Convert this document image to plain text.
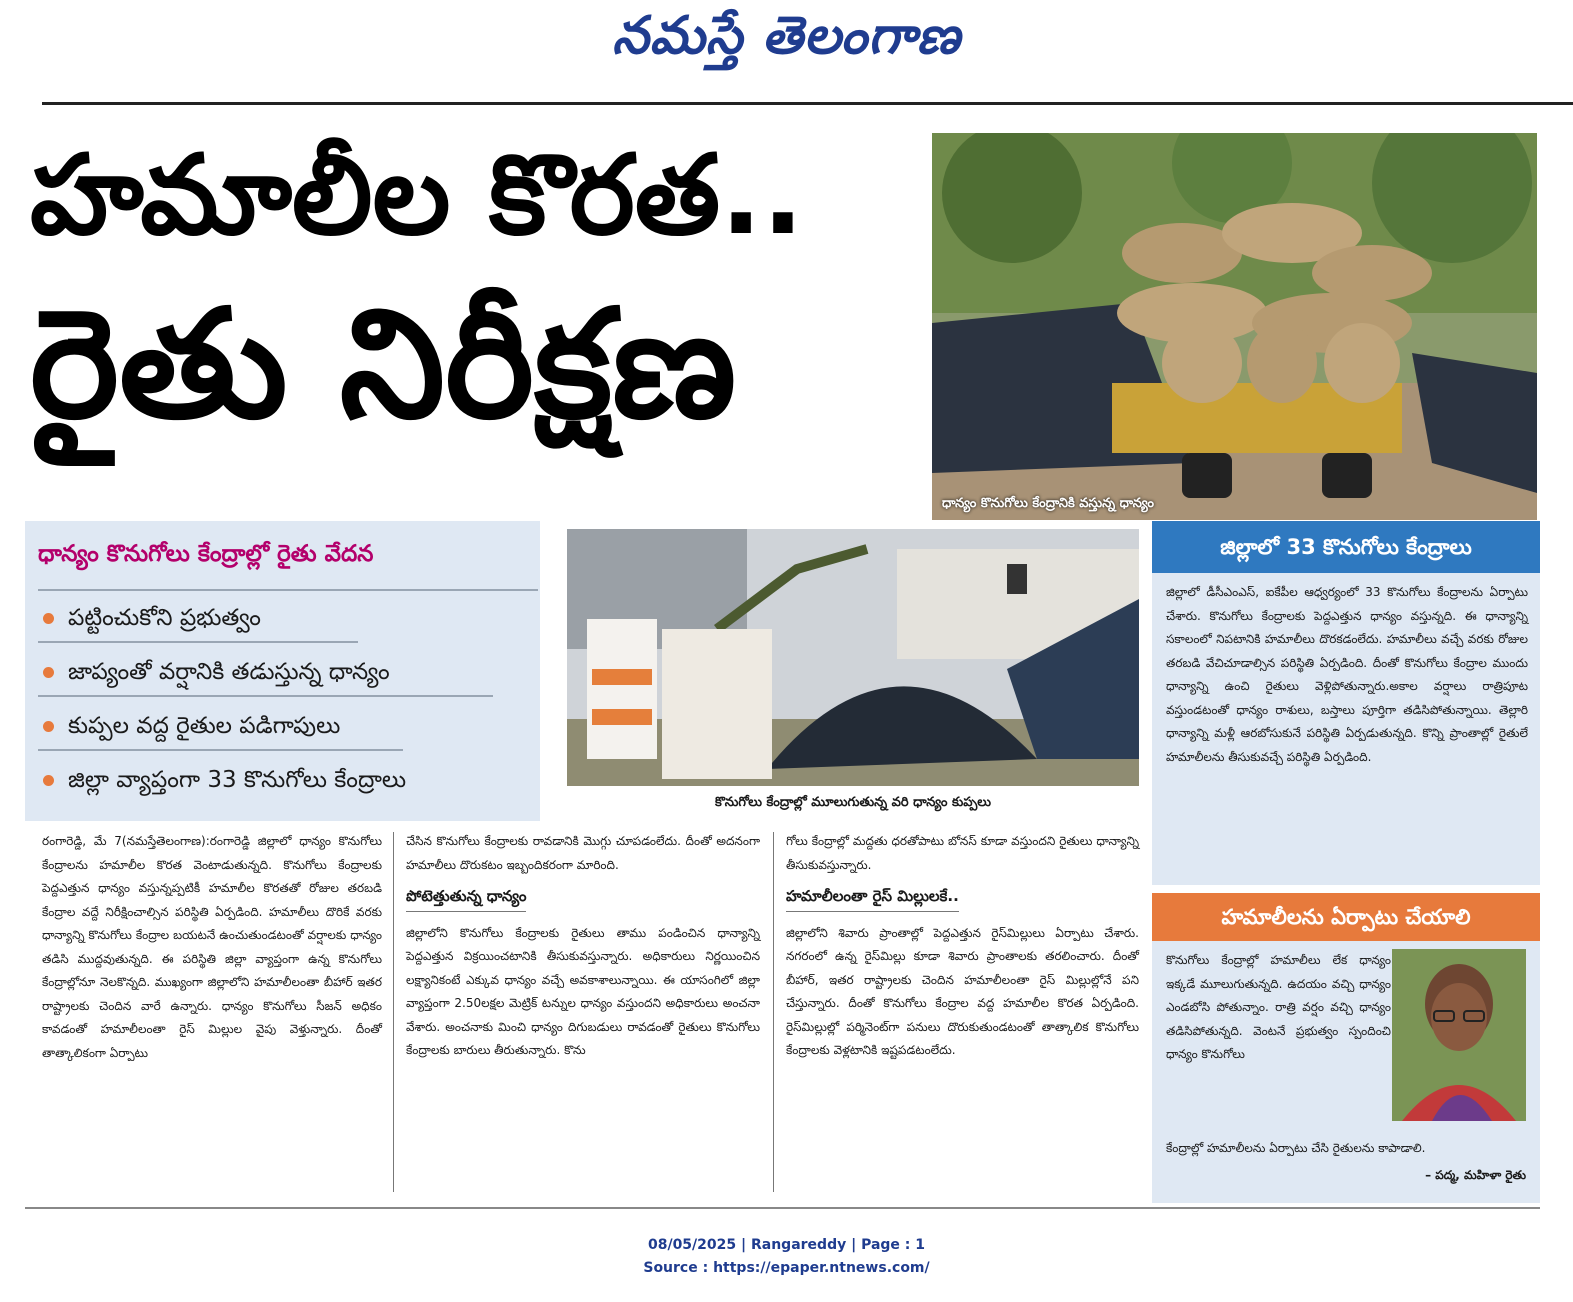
నమస్తే తెలంగాణ
హమాలీల కొరత..
రైతు నిరీక్షణ
ధాన్యం కొనుగోలు కేంద్రానికి వస్తున్న ధాన్యం
ధాన్యం కొనుగోలు కేంద్రాల్లో రైతు వేదన
పట్టించుకోని ప్రభుత్వం
జాప్యంతో వర్షానికి తడుస్తున్న ధాన్యం
కుప్పల వద్ద రైతుల పడిగాపులు
జిల్లా వ్యాప్తంగా 33 కొనుగోలు కేంద్రాలు
కొనుగోలు కేంద్రాల్లో మూలుగుతున్న వరి ధాన్యం కుప్పలు
జిల్లాలో 33 కొనుగోలు కేంద్రాలు
జిల్లాలో డీసీఎంఎస్‌, ఐకేపీల ఆధ్వర్యంలో 33 కొనుగోలు కేంద్రాలను ఏర్పాటు చేశారు. కొనుగోలు కేంద్రాలకు పెద్దఎత్తున ధాన్యం వస్తున్నది. ఈ ధాన్యాన్ని సకాలంలో నిపటానికి హమాలీలు దొరకడంలేదు. హమాలీలు వచ్చే వరకు రోజుల తరబడి వేచిచూడాల్సిన పరిస్థితి ఏర్పడింది. దీంతో కొనుగోలు కేంద్రాల ముందు ధాన్యాన్ని ఉంచి రైతులు వెళ్లిపోతున్నారు.అకాల వర్షాలు రాత్రిపూట వస్తుండటంతో ధాన్యం రాశులు, బస్తాలు పూర్తిగా తడిసిపోతున్నాయి. తెల్లారి ధాన్యాన్ని మళ్లీ ఆరబోసుకునే పరిస్థితి ఏర్పడుతున్నది. కొన్ని ప్రాంతాల్లో రైతులే హమాలీలను తీసుకువచ్చే పరిస్థితి ఏర్పడింది.
హమాలీలను ఏర్పాటు చేయాలి
కొనుగోలు కేంద్రాల్లో హమాలీలు లేక ధాన్యం ఇక్కడే మూలుగుతున్నది. ఉదయం వచ్చి ధాన్యం ఎండబోసి పోతున్నాం. రాత్రి వర్షం వచ్చి ధాన్యం తడిసిపోతున్నది. వెంటనే ప్రభుత్వం స్పందించి ధాన్యం కొనుగోలు
కేంద్రాల్లో హమాలీలను ఏర్పాటు చేసి రైతులను కాపాడాలి.
– పద్మ, మహిళా రైతు
రంగారెడ్డి, మే 7(నమస్తేతెలంగాణ):రంగారెడ్డి జిల్లాలో ధాన్యం కొనుగోలు కేంద్రాలను హమాలీల కొరత వెంటాడుతున్నది. కొనుగోలు కేంద్రాలకు పెద్దఎత్తున ధాన్యం వస్తున్నప్పటికీ హమాలీల కొరతతో రోజుల తరబడి కేంద్రాల వద్దే నిరీక్షించాల్సిన పరిస్థితి ఏర్పడింది. హమాలీలు దొరికే వరకు ధాన్యాన్ని కొనుగోలు కేంద్రాల బయటనే ఉంచుతుండటంతో వర్షాలకు ధాన్యం తడిసి ముద్దవుతున్నది. ఈ పరిస్థితి జిల్లా వ్యాప్తంగా ఉన్న కొనుగోలు కేంద్రాల్లోనూ నెలకొన్నది. ముఖ్యంగా జిల్లాలోని హమాలీలంతా బీహార్‌ ఇతర రాష్ట్రాలకు చెందిన వారే ఉన్నారు. ధాన్యం కొనుగోలు సీజన్‌ అధికం కావడంతో హమాలీలంతా రైస్‌ మిల్లుల వైపు వెళ్తున్నారు. దీంతో తాత్కాలికంగా ఏర్పాటు
చేసిన కొనుగోలు కేంద్రాలకు రావడానికి మొగ్గు చూపడంలేదు. దీంతో అదనంగా హమాలీలు దొరుకటం ఇబ్బందికరంగా మారింది.
పోటెత్తుతున్న ధాన్యం
జిల్లాలోని కొనుగోలు కేంద్రాలకు రైతులు తాము పండించిన ధాన్యాన్ని పెద్దఎత్తున విక్రయించటానికి తీసుకువస్తున్నారు. అధికారులు నిర్ణయించిన లక్ష్యానికంటే ఎక్కువ ధాన్యం వచ్చే అవకాశాలున్నాయి. ఈ యాసంగిలో జిల్లా వ్యాప్తంగా 2.50లక్షల మెట్రిక్‌ టన్నుల ధాన్యం వస్తుందని అధికారులు అంచనా వేశారు. అంచనాకు మించి ధాన్యం దిగుబడులు రావడంతో రైతులు కొనుగోలు కేంద్రాలకు బారులు తీరుతున్నారు. కొను
గోలు కేంద్రాల్లో మద్దతు ధరతోపాటు బోనస్‌ కూడా వస్తుందని రైతులు ధాన్యాన్ని తీసుకువస్తున్నారు.
హమాలీలంతా రైస్‌ మిల్లులకే..
జిల్లాలోని శివారు ప్రాంతాల్లో పెద్దఎత్తున రైస్‌మిల్లులు ఏర్పాటు చేశారు. నగరంలో ఉన్న రైస్‌మిల్లు కూడా శివారు ప్రాంతాలకు తరలించారు. దీంతో బీహార్‌, ఇతర రాష్ట్రాలకు చెందిన హమాలీలంతా రైస్‌ మిల్లుల్లోనే పని చేస్తున్నారు. దీంతో కొనుగోలు కేంద్రాల వద్ద హమాలీల కొరత ఏర్పడింది. రైస్‌మిల్లుల్లో పర్మినెంట్‌గా పనులు దొరుకుతుండటంతో తాత్కాలిక కొనుగోలు కేంద్రాలకు వెళ్లటానికి ఇష్టపడటంలేదు.
08/05/2025 | Rangareddy | Page : 1
Source : https://epaper.ntnews.com/
